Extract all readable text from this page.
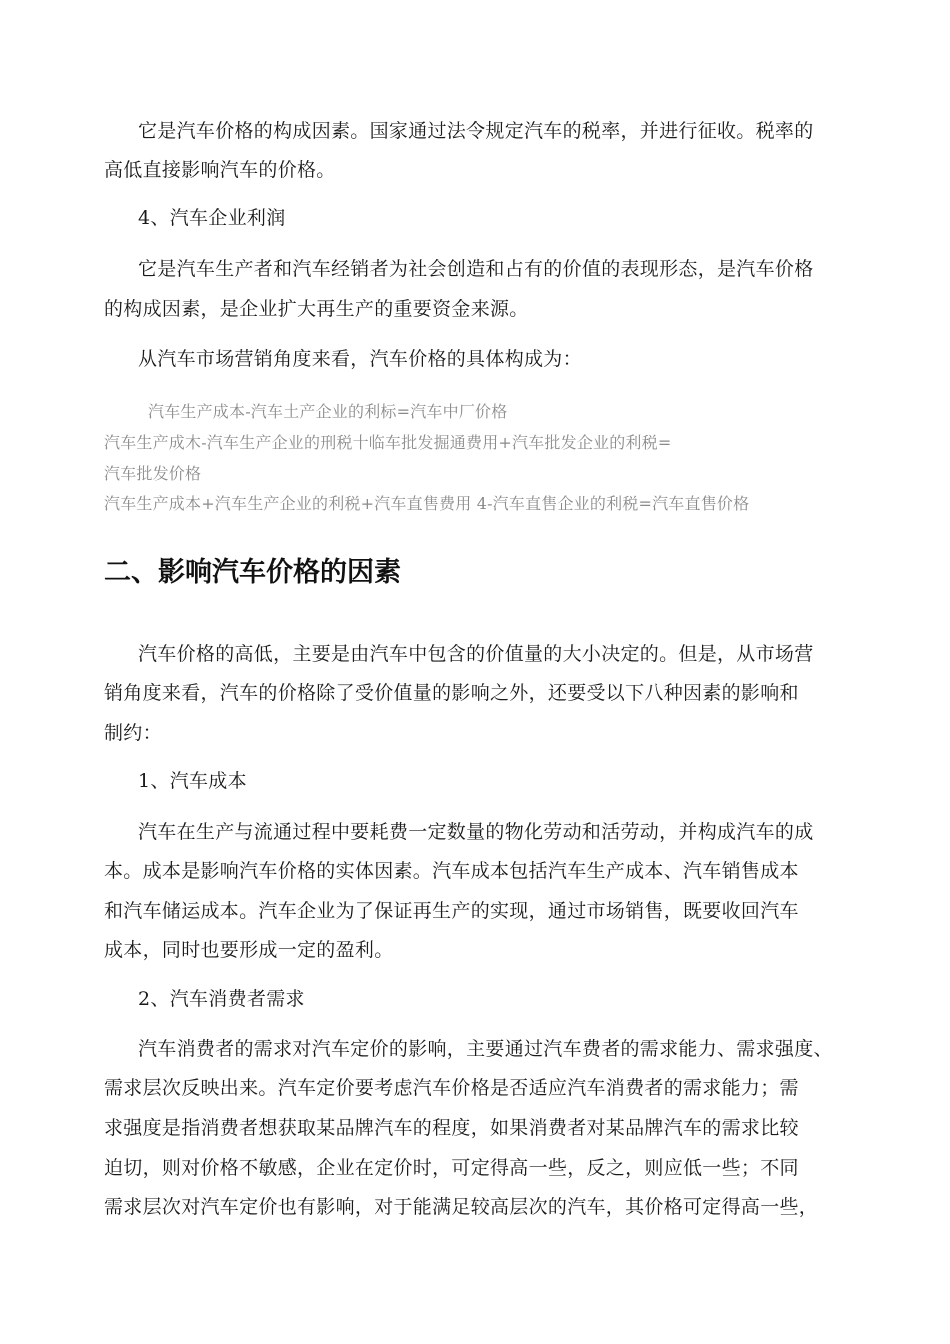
它是汽车价格的构成因素。国家通过法令规定汽车的税率，并进行征收。税率的
高低直接影响汽车的价格。
4、汽车企业利润
它是汽车生产者和汽车经销者为社会创造和占有的价值的表现形态，是汽车价格
的构成因素，是企业扩大再生产的重要资金来源。
从汽车市场营销角度来看，汽车价格的具体构成为：
汽车生产成本-汽车土产企业的利标=汽车中厂价格
汽车生产成木-汽车生产企业的刑税十临车批发掘通费用+汽车批发企业的利税=
汽车批发价格
汽车生产成本+汽车生产企业的利税+汽车直售费用 4-汽车直售企业的利税=汽车直售价格
二、影响汽车价格的因素
汽车价格的高低，主要是由汽车中包含的价值量的大小决定的。但是，从市场营
销角度来看，汽车的价格除了受价值量的影响之外，还要受以下八种因素的影响和
制约：
1、汽车成本
汽车在生产与流通过程中要耗费一定数量的物化劳动和活劳动，并构成汽车的成
本。成本是影响汽车价格的实体因素。汽车成本包括汽车生产成本、汽车销售成本
和汽车储运成本。汽车企业为了保证再生产的实现，通过市场销售，既要收回汽车
成本，同时也要形成一定的盈利。
2、汽车消费者需求
汽车消费者的需求对汽车定价的影响，主要通过汽车费者的需求能力、需求强度、
需求层次反映出来。汽车定价要考虑汽车价格是否适应汽车消费者的需求能力；需
求强度是指消费者想获取某品牌汽车的程度，如果消费者对某品牌汽车的需求比较
迫切，则对价格不敏感，企业在定价时，可定得高一些，反之，则应低一些；不同
需求层次对汽车定价也有影响，对于能满足较高层次的汽车，其价格可定得高一些，
